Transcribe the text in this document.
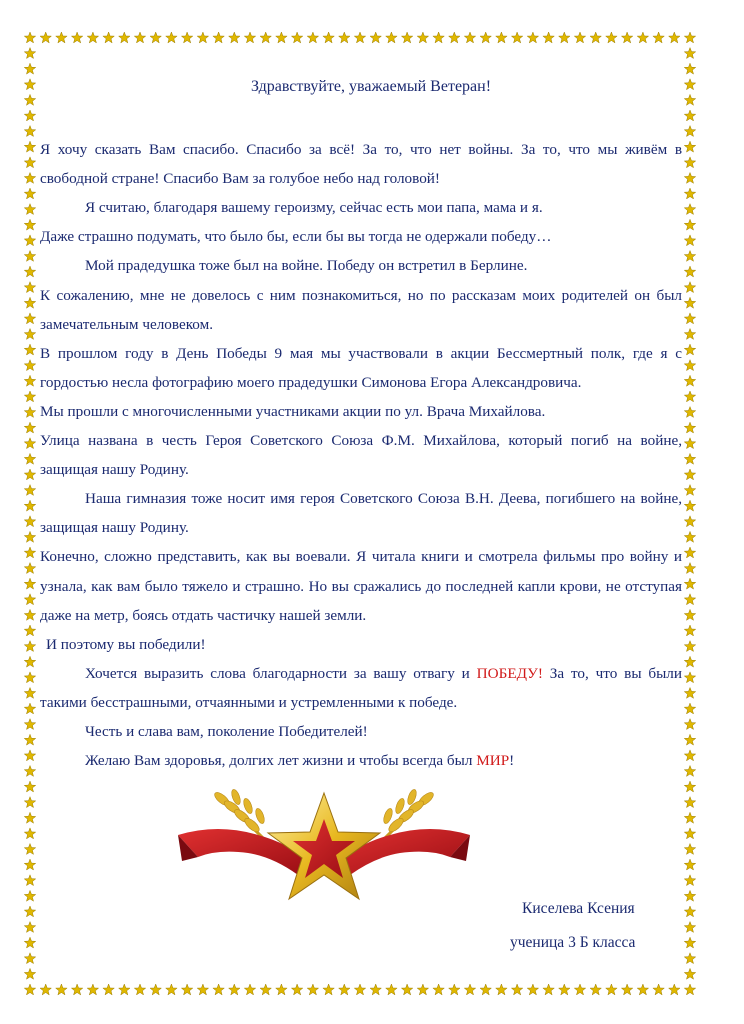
Здравствуйте, уважаемый Ветеран!

Я хочу сказать Вам спасибо. Спасибо за всё! За то, что нет войны. За то, что мы живём в свободной стране! Спасибо Вам за голубое небо над головой!

Я считаю, благодаря вашему героизму, сейчас есть мои папа, мама и я.

Даже страшно подумать, что было бы, если бы вы тогда не одержали победу…

Мой прадедушка тоже был на войне. Победу он встретил в Берлине.

К сожалению, мне не довелось с ним познакомиться, но по рассказам моих родителей он был замечательным человеком.

В прошлом году в День Победы 9 мая мы участвовали в акции Бессмертный полк, где я с гордостью несла фотографию моего прадедушки Симонова Егора Александровича.

Мы прошли с многочисленными участниками акции по ул. Врача Михайлова.

Улица названа в честь Героя Советского Союза Ф.М. Михайлова, который погиб на войне, защищая нашу Родину.

Наша гимназия тоже носит имя героя Советского Союза В.Н. Деева, погибшего на войне, защищая нашу Родину.

Конечно, сложно представить, как вы воевали. Я читала книги и смотрела фильмы про войну и узнала, как вам было тяжело и страшно. Но вы сражались до последней капли крови, не отступая даже на метр, боясь отдать частичку нашей земли.

И поэтому вы победили!

Хочется выразить слова благодарности за вашу отвагу и ПОБЕДУ! За то, что вы были такими бесстрашными, отчаянными и устремленными к победе.

Честь и слава вам, поколение Победителей!

Желаю Вам здоровья, долгих лет жизни и чтобы всегда был МИР!

Киселева Ксения
ученица 3 Б класса
